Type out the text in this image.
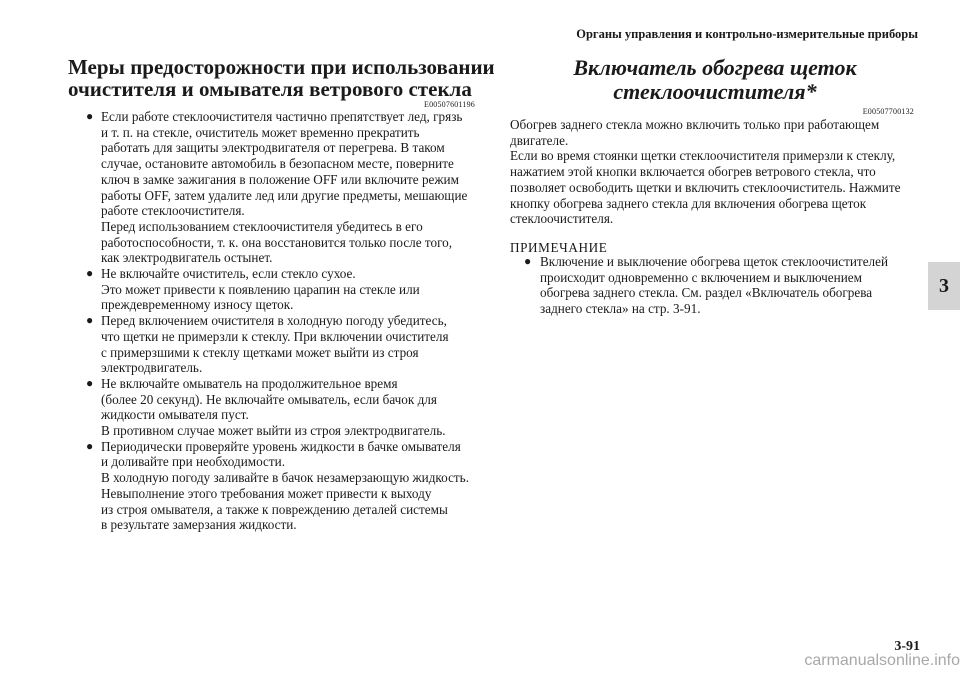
Органы управления и контрольно-измерительные приборы
Меры предосторожности при использовании
очистителя и омывателя ветрового стекла
E00507601196
● Если работе стеклоочистителя частично препятствует лед, грязь
и т. п. на стекле, очиститель может временно прекратить
работать для защиты электродвигателя от перегрева. В таком
случае, остановите автомобиль в безопасном месте, поверните
ключ в замке зажигания в положение OFF или включите режим
работы OFF, затем удалите лед или другие предметы, мешающие
работе стеклоочистителя.
Перед использованием стеклоочистителя убедитесь в его
работоспособности, т. к. она восстановится только после того,
как электродвигатель остынет.
● Не включайте очиститель, если стекло сухое.
Это может привести к появлению царапин на стекле или
преждевременному износу щеток.
● Перед включением очистителя в холодную погоду убедитесь,
что щетки не примерзли к стеклу. При включении очистителя
с примерзшими к стеклу щетками может выйти из строя
электродвигатель.
● Не включайте омыватель на продолжительное время
(более 20 секунд). Не включайте омыватель, если бачок для
жидкости омывателя пуст.
В противном случае может выйти из строя электродвигатель.
● Периодически проверяйте уровень жидкости в бачке омывателя
и доливайте при необходимости.
В холодную погоду заливайте в бачок незамерзающую жидкость.
Невыполнение этого требования может привести к выходу
из строя омывателя, а также к повреждению деталей системы
в результате замерзания жидкости.
Включатель обогрева щеток
стеклоочистителя*
E00507700132
Обогрев заднего стекла можно включить только при работающем
двигателе.
Если во время стоянки щетки стеклоочистителя примерзли к стеклу,
нажатием этой кнопки включается обогрев ветрового стекла, что
позволяет освободить щетки и включить стеклоочиститель. Нажмите
кнопку обогрева заднего стекла для включения обогрева щеток
стеклоочистителя.
ПРИМЕЧАНИЕ
● Включение и выключение обогрева щеток стеклоочистителей
происходит одновременно с включением и выключением
обогрева заднего стекла. См. раздел «Включатель обогрева
заднего стекла» на стр. 3-91.
3
3-91
carmanualsonline.info
